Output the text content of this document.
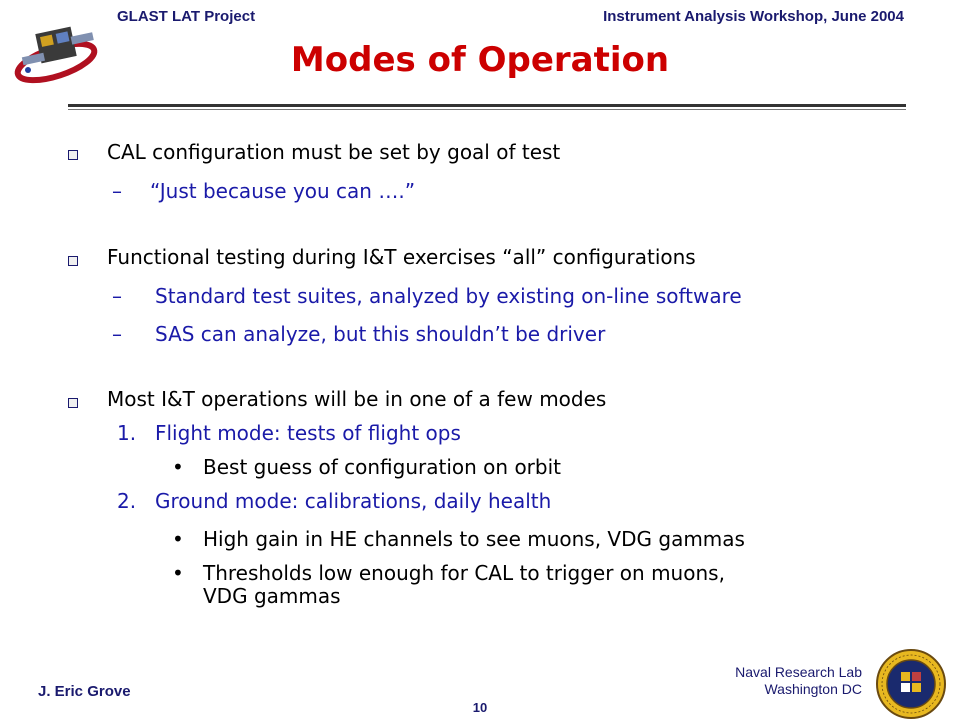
GLAST LAT Project	Instrument Analysis Workshop, June 2004
Modes of Operation
CAL configuration must be set by goal of test
– “Just because you can ….”
Functional testing during I&T exercises “all” configurations
– Standard test suites, analyzed by existing on-line software
– SAS can analyze, but this shouldn’t be driver
Most I&T operations will be in one of a few modes
1. Flight mode: tests of flight ops
• Best guess of configuration on orbit
2. Ground mode: calibrations, daily health
• High gain in HE channels to see muons, VDG gammas
• Thresholds low enough for CAL to trigger on muons,
VDG gammas
J. Eric Grove
10
Naval Research Lab
Washington DC
